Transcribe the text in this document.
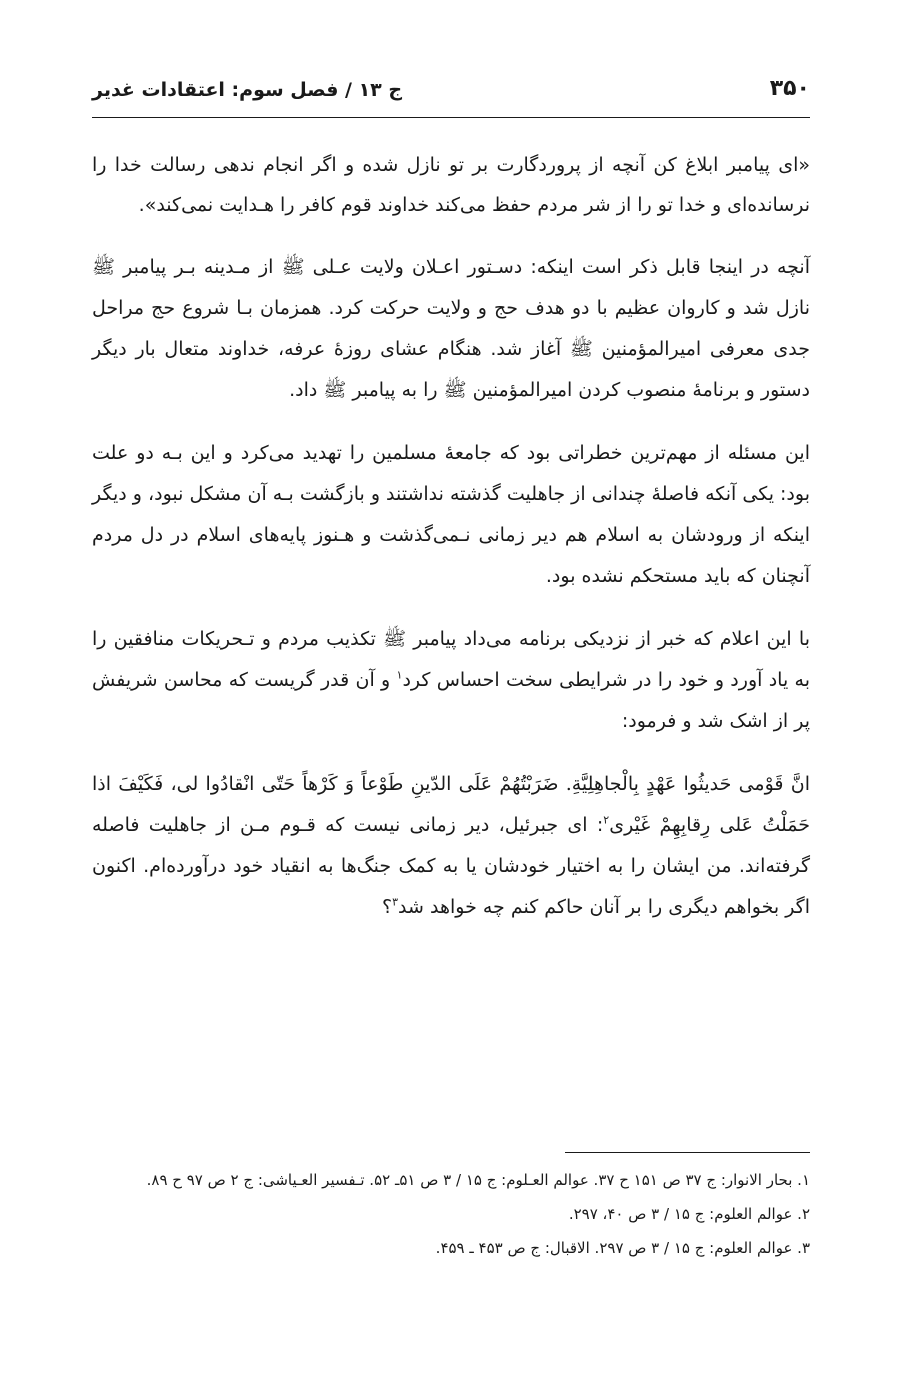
۳۵۰
ج ۱۳ / فصل سوم: اعتقادات غدیر

«ای پیامبر ابلاغ کن آنچه از پروردگارت بر تو نازل شده و اگر انجام ندهی رسالت خدا را نرسانده‌ای و خدا تو را از شر مردم حفظ می‌کند خداوند قوم کافر را هـدایت نمی‌کند».

آنچه در اینجا قابل ذکر است اینکه: دسـتور اعـلان ولایت عـلی ﷺ از مـدینه بـر پیامبر ﷺ نازل شد و کاروان عظیم با دو هدف حج و ولایت حرکت کرد. همزمان بـا شروع حج مراحل جدی معرفی امیرالمؤمنین ﷺ آغاز شد. هنگام عشای روزهٔ عرفه، خداوند متعال بار دیگر دستور و برنامهٔ منصوب کردن امیرالمؤمنین ﷺ را به پیامبر ﷺ داد.

این مسئله از مهم‌ترین خطراتی بود که جامعهٔ مسلمین را تهدید می‌کرد و این بـه دو علت بود: یکی آنکه فاصلهٔ چندانی از جاهلیت گذشته نداشتند و بازگشت بـه آن مشکل نبود، و دیگر اینکه از ورودشان به اسلام هم دیر زمانی نـمی‌گذشت و هـنوز پایه‌های اسلام در دل مردم آنچنان که باید مستحکم نشده بود.

با این اعلام که خبر از نزدیکی برنامه می‌داد پیامبر ﷺ تکذیب مردم و تـحریکات منافقین را به یاد آورد و خود را در شرایطی سخت احساس کرد$^۱$ و آن قدر گریست که محاسن شریفش پر از اشک شد و فرمود:

انَّ قَوْمی حَدیثُوا عَهْدٍ بِالْجاهِلِیَّةِ. ضَرَبْتُهُمْ عَلَی الدّینِ طَوْعاً وَ کَرْهاً حَتّی انْقادُوا لی، فَکَیْفَ اذا حَمَلْتُ عَلی رِقابِهِمْ غَیْری$^۲$: ای جبرئیل، دیر زمانی نیست که قـوم مـن از جاهلیت فاصله گرفته‌اند. من ایشان را به اختیار خودشان یا به کمک جنگ‌ها به انقیاد خود درآورده‌ام. اکنون اگر بخواهم دیگری را بر آنان حاکم کنم چه خواهد شد$^۳$؟

۱. بحار الانوار: ج ۳۷ ص ۱۵۱ ح ۳۷. عوالم العـلوم: ج ۱۵ / ۳ ص ۵۱ـ ۵۲. تـفسیر العـیاشی: ج ۲ ص ۹۷ ح ۸۹.

۲. عوالم العلوم: ج ۱۵ / ۳ ص ۴۰، ۲۹۷.

۳. عوالم العلوم: ج ۱۵ / ۳ ص ۲۹۷. الاقبال: ج ص ۴۵۳ ـ ۴۵۹.
